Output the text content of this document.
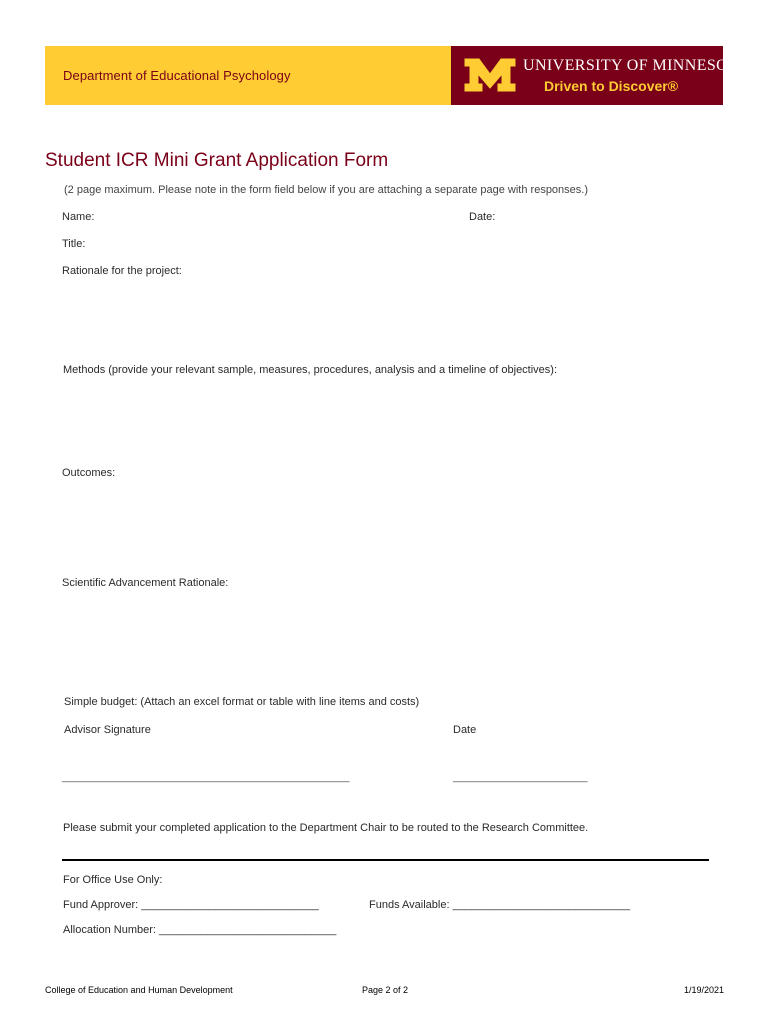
Department of Educational Psychology
UNIVERSITY OF MINNESOTA
Driven to Discover®
Student ICR Mini Grant Application Form
(2 page maximum. Please note in the form field below if you are attaching a separate page with responses.)
Name:	Date:
Title:
Rationale for the project:
Methods (provide your relevant sample, measures, procedures, analysis and a timeline of objectives):
Outcomes:
Scientific Advancement Rationale:
Simple budget: (Attach an excel format or table with line items and costs)
Advisor Signature	Date
_______________________________________________	______________________
Please submit your completed application to the Department Chair to be routed to the Research Committee.
For Office Use Only:
Fund Approver: _____________________________	Funds Available: _____________________________
Allocation Number: _____________________________
College of Education and Human Development	Page 2 of 2	1/19/2021
